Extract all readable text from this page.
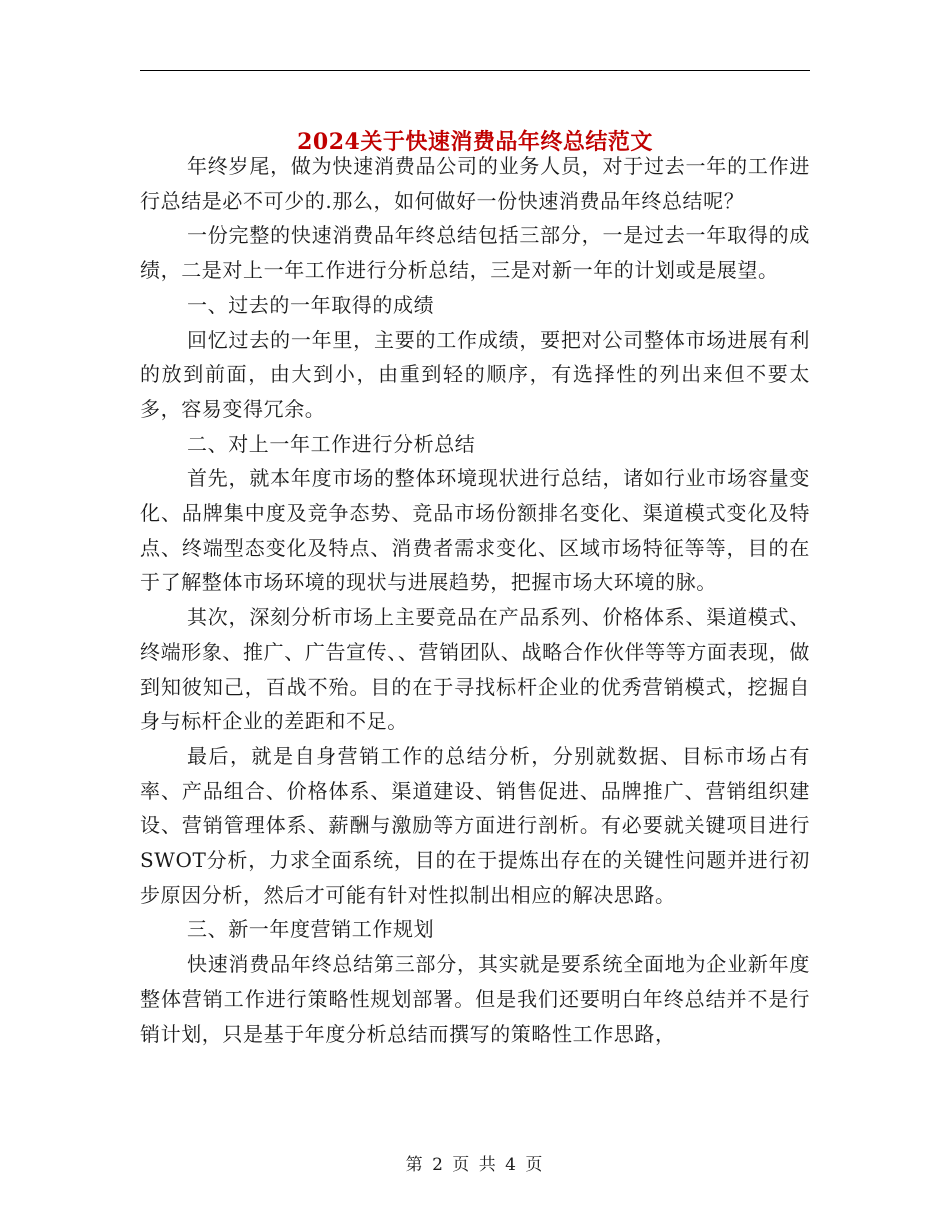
2024关于快速消费品年终总结范文

年终岁尾，做为快速消费品公司的业务人员，对于过去一年的工作进行总结是必不可少的.那么，如何做好一份快速消费品年终总结呢？

一份完整的快速消费品年终总结包括三部分，一是过去一年取得的成绩，二是对上一年工作进行分析总结，三是对新一年的计划或是展望。

一、过去的一年取得的成绩

回忆过去的一年里，主要的工作成绩，要把对公司整体市场进展有利的放到前面，由大到小，由重到轻的顺序，有选择性的列出来但不要太多，容易变得冗余。

二、对上一年工作进行分析总结

首先，就本年度市场的整体环境现状进行总结，诸如行业市场容量变化、品牌集中度及竞争态势、竞品市场份额排名变化、渠道模式变化及特点、终端型态变化及特点、消费者需求变化、区域市场特征等等，目的在于了解整体市场环境的现状与进展趋势，把握市场大环境的脉。

其次，深刻分析市场上主要竞品在产品系列、价格体系、渠道模式、终端形象、推广、广告宣传、、营销团队、战略合作伙伴等等方面表现，做到知彼知己，百战不殆。目的在于寻找标杆企业的优秀营销模式，挖掘自身与标杆企业的差距和不足。

最后，就是自身营销工作的总结分析，分别就数据、目标市场占有率、产品组合、价格体系、渠道建设、销售促进、品牌推广、营销组织建设、营销管理体系、薪酬与激励等方面进行剖析。有必要就关键项目进行SWOT分析，力求全面系统，目的在于提炼出存在的关键性问题并进行初步原因分析，然后才可能有针对性拟制出相应的解决思路。

三、新一年度营销工作规划

快速消费品年终总结第三部分，其实就是要系统全面地为企业新年度整体营销工作进行策略性规划部署。但是我们还要明白年终总结并不是行销计划，只是基于年度分析总结而撰写的策略性工作思路，

第 2 页 共 4 页
